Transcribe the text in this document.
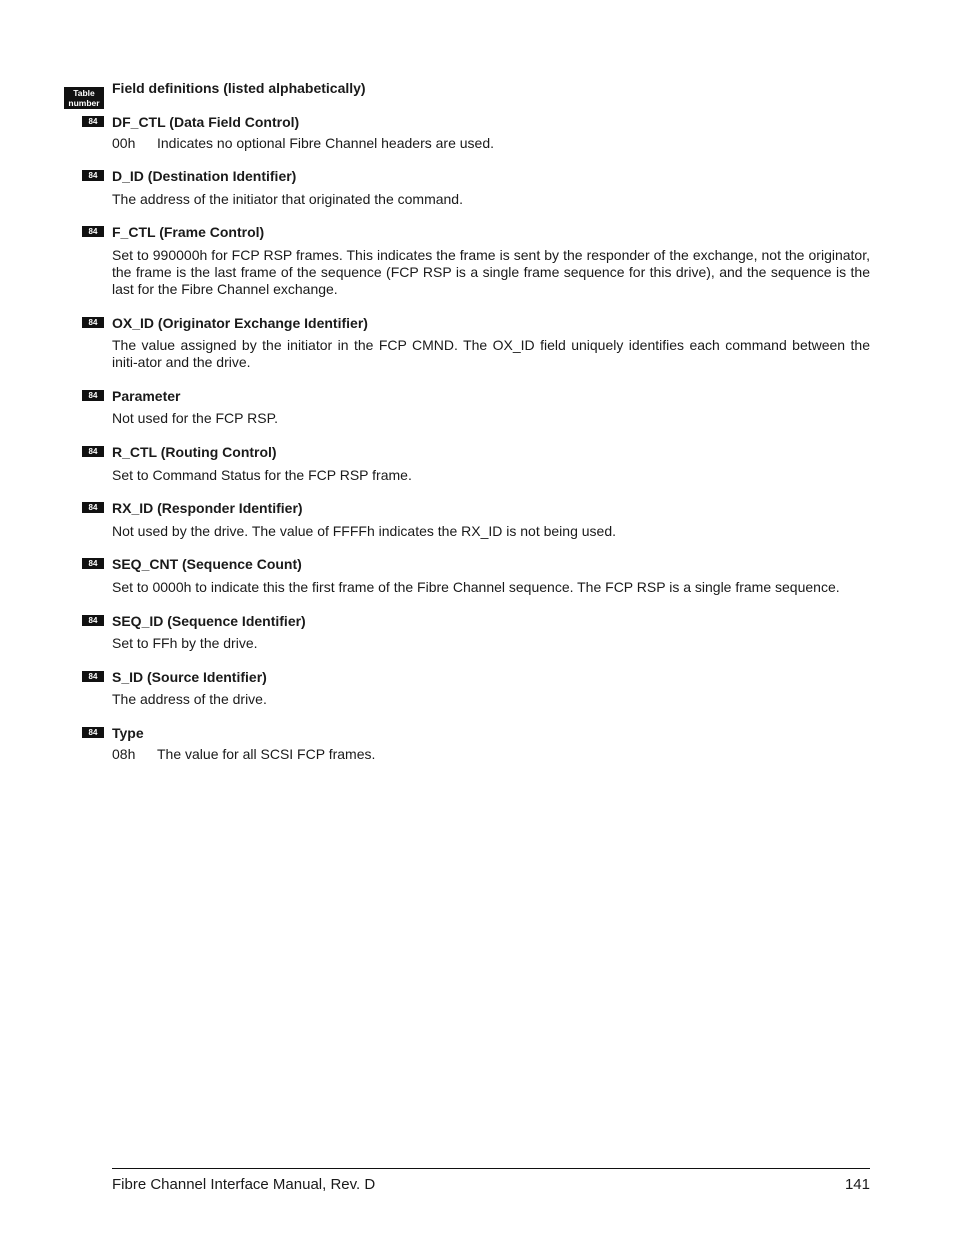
Table number
Field definitions (listed alphabetically)
84	DF_CTL (Data Field Control)
00h Indicates no optional Fibre Channel headers are used.
84	D_ID (Destination Identifier)
The address of the initiator that originated the command.
84	F_CTL (Frame Control)
Set to 990000h for FCP RSP frames. This indicates the frame is sent by the responder of the exchange, not the originator, the frame is the last frame of the sequence (FCP RSP is a single frame sequence for this drive), and the sequence is the last for the Fibre Channel exchange.
84	OX_ID (Originator Exchange Identifier)
The value assigned by the initiator in the FCP CMND. The OX_ID field uniquely identifies each command between the initi-ator and the drive.
84	Parameter
Not used for the FCP RSP.
84	R_CTL (Routing Control)
Set to Command Status for the FCP RSP frame.
84	RX_ID (Responder Identifier)
Not used by the drive. The value of FFFFh indicates the RX_ID is not being used.
84	SEQ_CNT (Sequence Count)
Set to 0000h to indicate this the first frame of the Fibre Channel sequence. The FCP RSP is a single frame sequence.
84	SEQ_ID (Sequence Identifier)
Set to FFh by the drive.
84	S_ID (Source Identifier)
The address of the drive.
84	Type
08h The value for all SCSI FCP frames.
Fibre Channel Interface Manual, Rev. D	141
